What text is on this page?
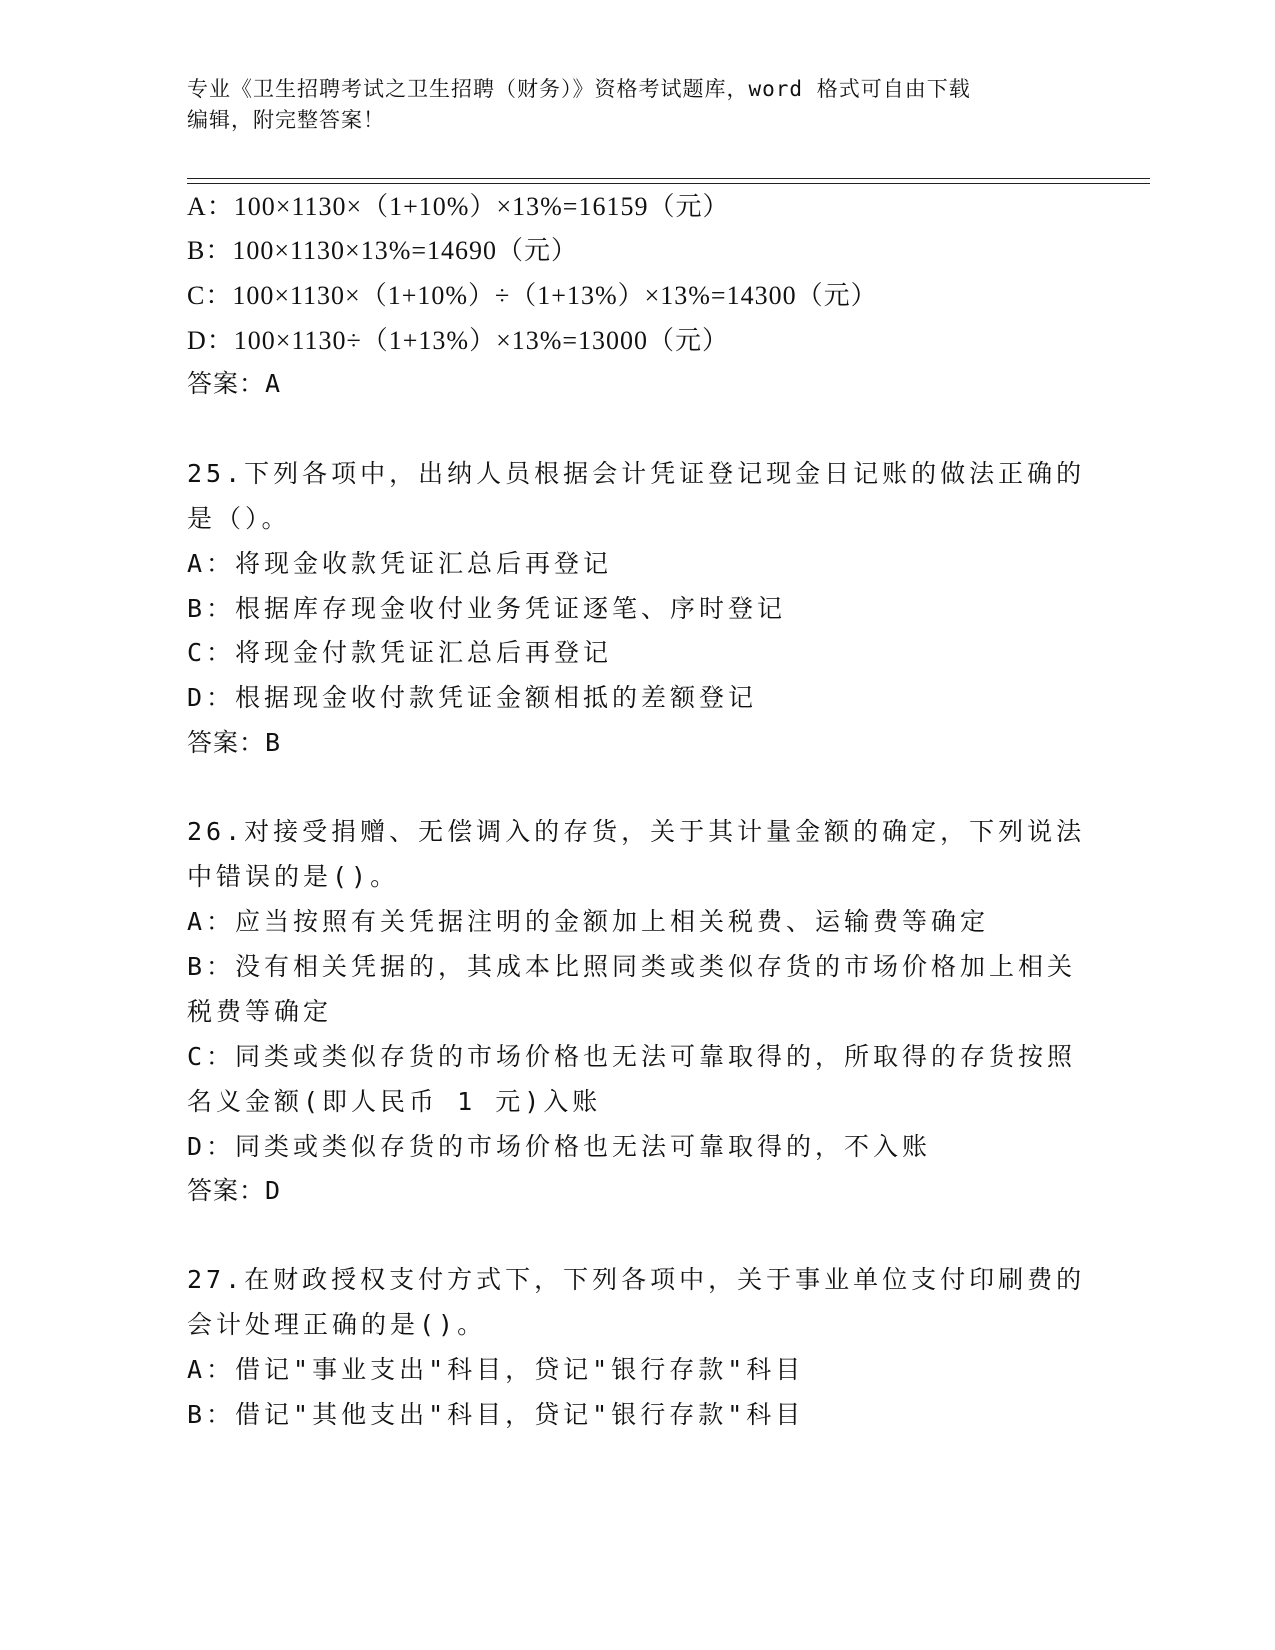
专业《卫生招聘考试之卫生招聘（财务）》资格考试题库，word 格式可自由下载
编辑，附完整答案！
A：100×1130×（1+10%）×13%=16159（元）
B：100×1130×13%=14690（元）
C：100×1130×（1+10%）÷（1+13%）×13%=14300（元）
D：100×1130÷（1+13%）×13%=13000（元）
答案：A
25.下列各项中，出纳人员根据会计凭证登记现金日记账的做法正确的
是（）。
A：将现金收款凭证汇总后再登记
B：根据库存现金收付业务凭证逐笔、序时登记
C：将现金付款凭证汇总后再登记
D：根据现金收付款凭证金额相抵的差额登记
答案：B
26.对接受捐赠、无偿调入的存货，关于其计量金额的确定，下列说法
中错误的是()。
A：应当按照有关凭据注明的金额加上相关税费、运输费等确定
B：没有相关凭据的，其成本比照同类或类似存货的市场价格加上相关
税费等确定
C：同类或类似存货的市场价格也无法可靠取得的，所取得的存货按照
名义金额(即人民币 1 元)入账
D：同类或类似存货的市场价格也无法可靠取得的，不入账
答案：D
27.在财政授权支付方式下，下列各项中，关于事业单位支付印刷费的
会计处理正确的是()。
A：借记"事业支出"科目，贷记"银行存款"科目
B：借记"其他支出"科目，贷记"银行存款"科目
